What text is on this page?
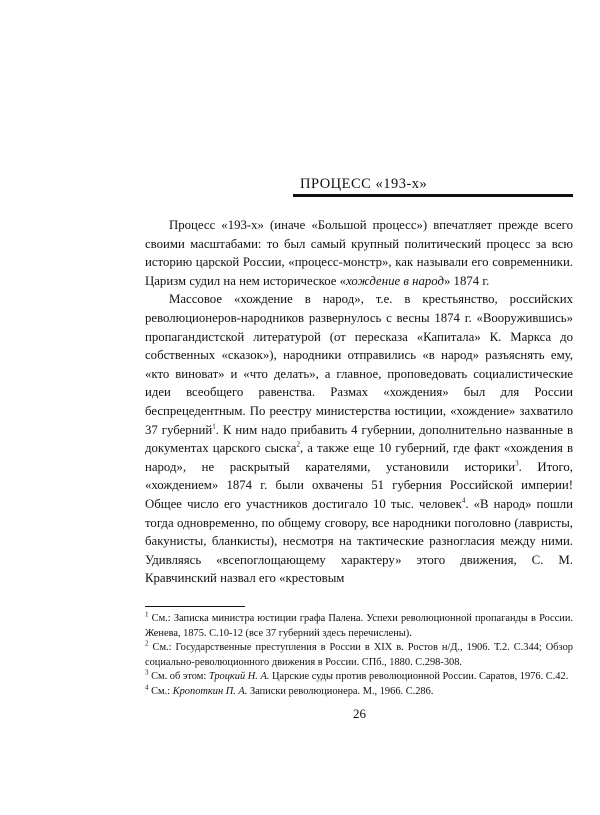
ПРОЦЕСС «193-х»

Процесс «193-х» (иначе «Большой процесс») впечатляет прежде всего своими масштабами: то был самый крупный политический процесс за всю историю царской России, «процесс-монстр», как называли его современники. Царизм судил на нем историческое «хождение в народ» 1874 г.

Массовое «хождение в народ», т.е. в крестьянство, российских революционеров-народников развернулось с весны 1874 г. «Вооружившись» пропагандистской литературой (от пересказа «Капитала» К. Маркса до собственных «сказок»), народники отправились «в народ» разъяснять ему, «кто виноват» и «что делать», а главное, проповедовать социалистические идеи всеобщего равенства. Размах «хождения» был для России беспрецедентным. По реестру министерства юстиции, «хождение» захватило 37 губерний$^1$. К ним надо прибавить 4 губернии, дополнительно названные в документах царского сыска$^2$, а также еще 10 губерний, где факт «хождения в народ», не раскрытый карателями, установили историки$^3$. Итого, «хождением» 1874 г. были охвачены 51 губерния Российской империи! Общее число его участников достигало 10 тыс. человек$^4$. «В народ» пошли тогда одновременно, по общему сговору, все народники поголовно (лавристы, бакунисты, бланкисты), несмотря на тактические разногласия между ними. Удивляясь «всепоглощающему характеру» этого движения, С. М. Кравчинский назвал его «крестовым

$^1$ См.: Записка министра юстиции графа Палена. Успехи революционной пропаганды в России. Женева, 1875. С.10-12 (все 37 губерний здесь перечислены).
$^2$ См.: Государственные преступления в России в XIX в. Ростов н/Д., 1906. Т.2. С.344; Обзор социально-революционного движения в России. СПб., 1880. С.298-308.
$^3$ См. об этом: Троцкий Н. А. Царские суды против революционной России. Саратов, 1976. С.42.
$^4$ См.: Кропоткин П. А. Записки революционера. М., 1966. С.286.
26
